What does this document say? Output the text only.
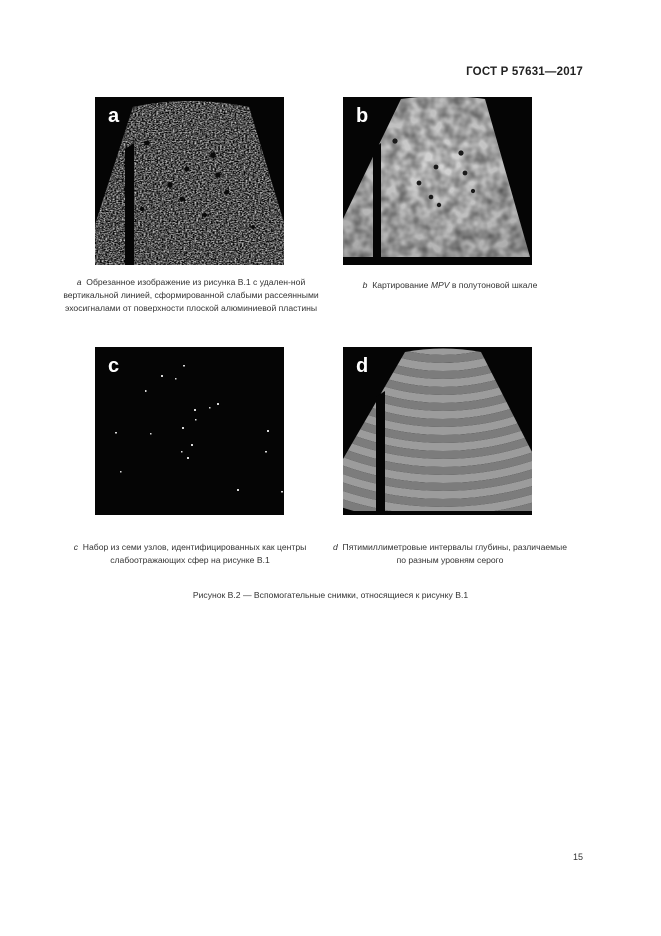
ГОСТ Р 57631—2017
a	b
c	d
a Обрезанное изображение из рисунка В.1 с удален-ной вертикальной линией, сформированной слабыми рассеянными эхосигналами от поверхности плоской алюминиевой пластины
b Картирование MPV в полутоновой шкале
c Набор из семи узлов, идентифицированных как центры слабоотражающих сфер на рисунке В.1
d Пятимиллиметровые интервалы глубины, различаемые по разным уровням серого
Рисунок В.2 — Вспомогательные снимки, относящиеся к рисунку В.1
15
